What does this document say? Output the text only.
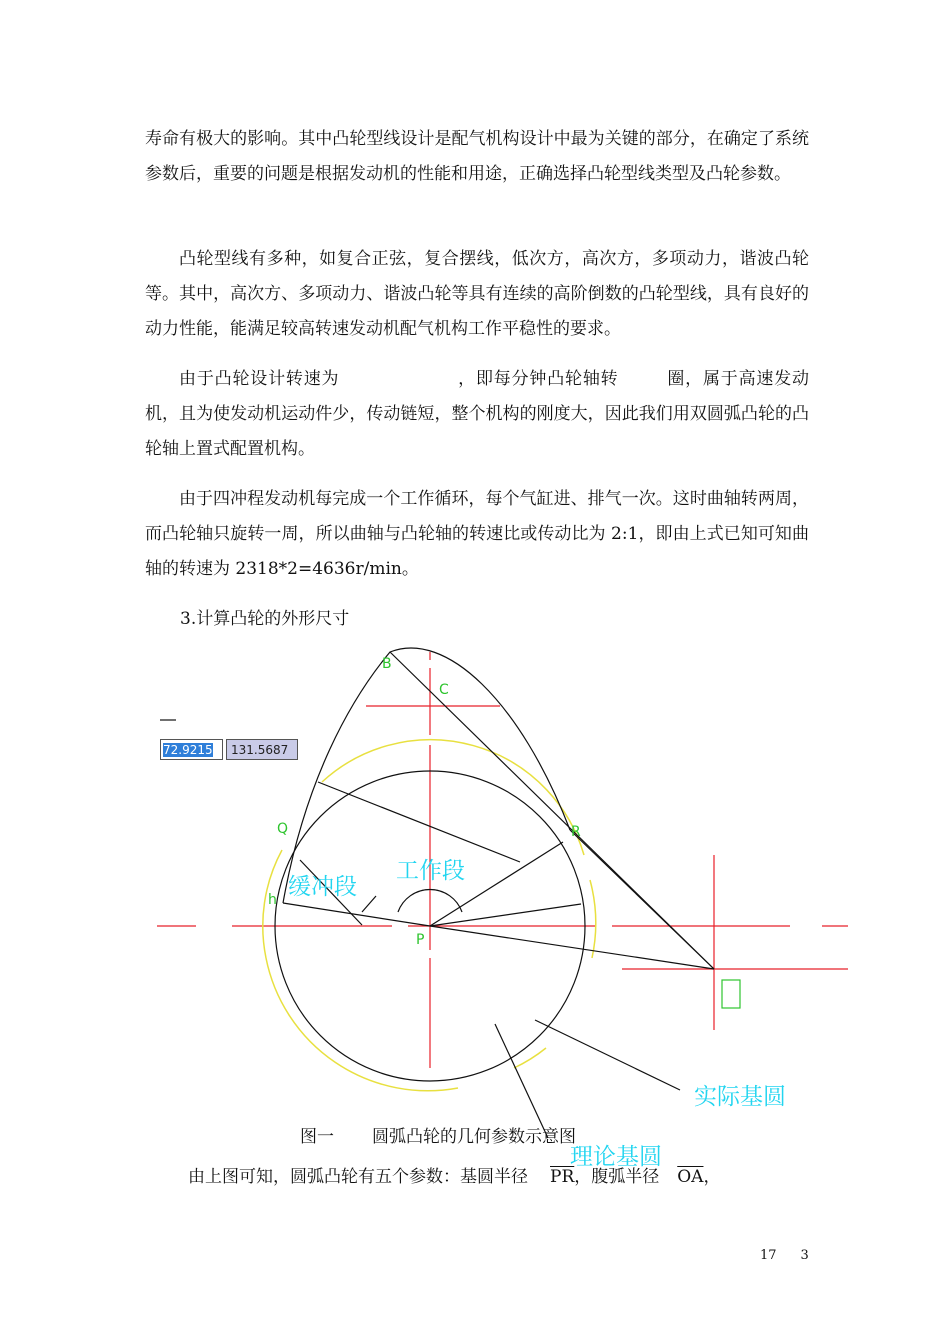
寿命有极大的影响。其中凸轮型线设计是配气机构设计中最为关键的部分，在确定了系统参数后，重要的问题是根据发动机的性能和用途，正确选择凸轮型线类型及凸轮参数。

凸轮型线有多种，如复合正弦，复合摆线，低次方，高次方，多项动力，谐波凸轮等。其中，高次方、多项动力、谐波凸轮等具有连续的高阶倒数的凸轮型线，具有良好的动力性能，能满足较高转速发动机配气机构工作平稳性的要求。

由于凸轮设计转速为	，即每分钟凸轮轴转	圈，属于高速发动机，且为使发动机运动件少，传动链短，整个机构的刚度大，因此我们用双圆弧凸轮的凸轮轴上置式配置机构。

由于四冲程发动机每完成一个工作循环，每个气缸进、排气一次。这时曲轴转两周，而凸轮轴只旋转一周，所以曲轴与凸轮轴的转速比或传动比为 2:1，即由上式已知可知曲轴的转速为 2318*2=4636r/min。

3.计算凸轮的外形尺寸

B
C
Q	R
h
P
缓冲段
工作段
实际基圆
理论基圆
72.9215	131.5687

图一 圆弧凸轮的几何参数示意图

由上图可知，圆弧凸轮有五个参数：基圆半径 $\overline{PR}$，腹弧半径 $\overline{OA}$，

17 3
